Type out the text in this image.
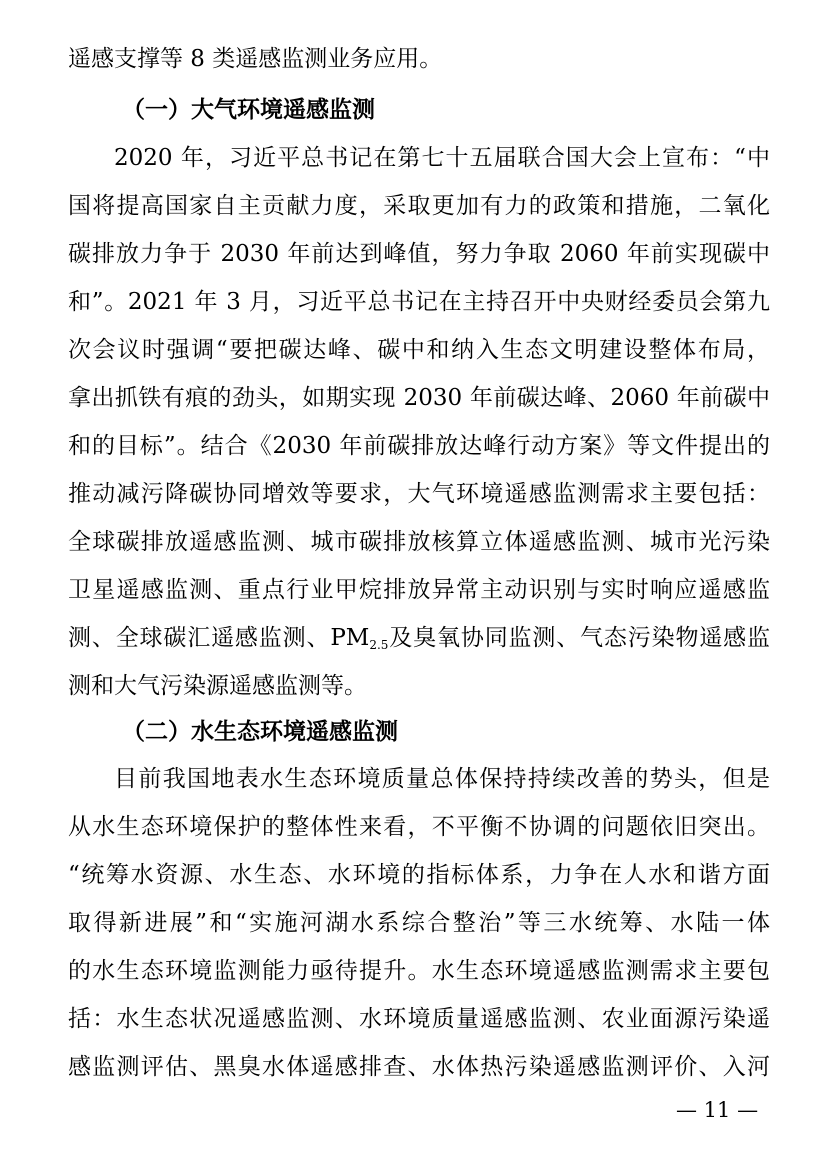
遥感支撑等 8 类遥感监测业务应用。
（一）大气环境遥感监测
2020 年，习近平总书记在第七十五届联合国大会上宣布：“中
国将提高国家自主贡献力度，采取更加有力的政策和措施，二氧化
碳排放力争于 2030 年前达到峰值，努力争取 2060 年前实现碳中
和”。2021 年 3 月，习近平总书记在主持召开中央财经委员会第九
次会议时强调“要把碳达峰、碳中和纳入生态文明建设整体布局，
拿出抓铁有痕的劲头，如期实现 2030 年前碳达峰、2060 年前碳中
和的目标”。结合《2030 年前碳排放达峰行动方案》等文件提出的
推动减污降碳协同增效等要求，大气环境遥感监测需求主要包括：
全球碳排放遥感监测、城市碳排放核算立体遥感监测、城市光污染
卫星遥感监测、重点行业甲烷排放异常主动识别与实时响应遥感监
测、全球碳汇遥感监测、$PM_{2.5}$及臭氧协同监测、气态污染物遥感监
测和大气污染源遥感监测等。
（二）水生态环境遥感监测
目前我国地表水生态环境质量总体保持持续改善的势头，但是
从水生态环境保护的整体性来看，不平衡不协调的问题依旧突出。
“统筹水资源、水生态、水环境的指标体系，力争在人水和谐方面
取得新进展”和“实施河湖水系综合整治”等三水统筹、水陆一体
的水生态环境监测能力亟待提升。水生态环境遥感监测需求主要包
括：水生态状况遥感监测、水环境质量遥感监测、农业面源污染遥
感监测评估、黑臭水体遥感排查、水体热污染遥感监测评价、入河
— 11 —
